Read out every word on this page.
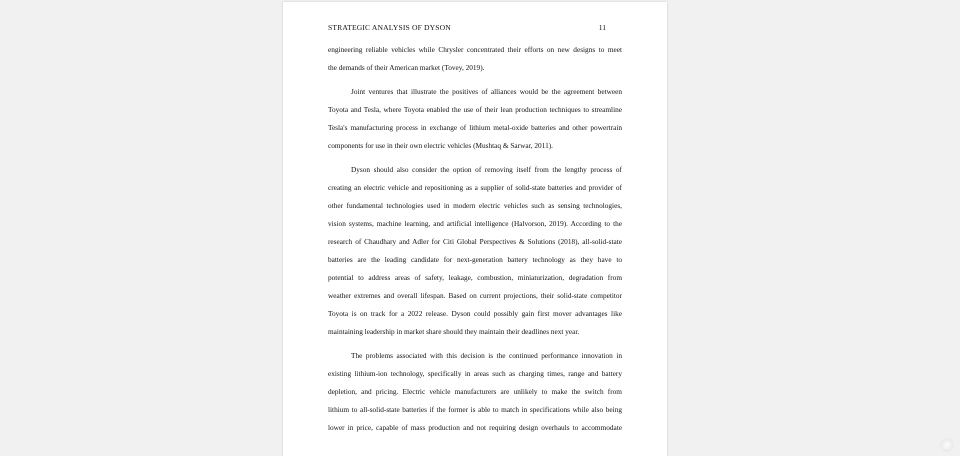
STRATEGIC ANALYSIS OF DYSON	11
engineering reliable vehicles while Chrysler concentrated their efforts on new designs to meet
the demands of their American market (Tovey, 2019).
Joint ventures that illustrate the positives of alliances would be the agreement between
Toyota and Tesla, where Toyota enabled the use of their lean production techniques to streamline
Tesla's manufacturing process in exchange of lithium metal-oxide batteries and other powertrain
components for use in their own electric vehicles (Mushtaq & Sarwar, 2011).
Dyson should also consider the option of removing itself from the lengthy process of
creating an electric vehicle and repositioning as a supplier of solid-state batteries and provider of
other fundamental technologies used in modern electric vehicles such as sensing technologies,
vision systems, machine learning, and artificial intelligence (Halvorson, 2019). According to the
research of Chaudhary and Adler for Citi Global Perspectives & Solutions (2018), all-solid-state
batteries are the leading candidate for next-generation battery technology as they have to
potential to address areas of safety, leakage, combustion, miniaturization, degradation from
weather extremes and overall lifespan. Based on current projections, their solid-state competitor
Toyota is on track for a 2022 release. Dyson could possibly gain first mover advantages like
maintaining leadership in market share should they maintain their deadlines next year.
The problems associated with this decision is the continued performance innovation in
existing lithium-ion technology, specifically in areas such as charging times, range and battery
depletion, and pricing. Electric vehicle manufacturers are unlikely to make the switch from
lithium to all-solid-state batteries if the former is able to match in specifications while also being
lower in price, capable of mass production and not requiring design overhauls to accommodate
